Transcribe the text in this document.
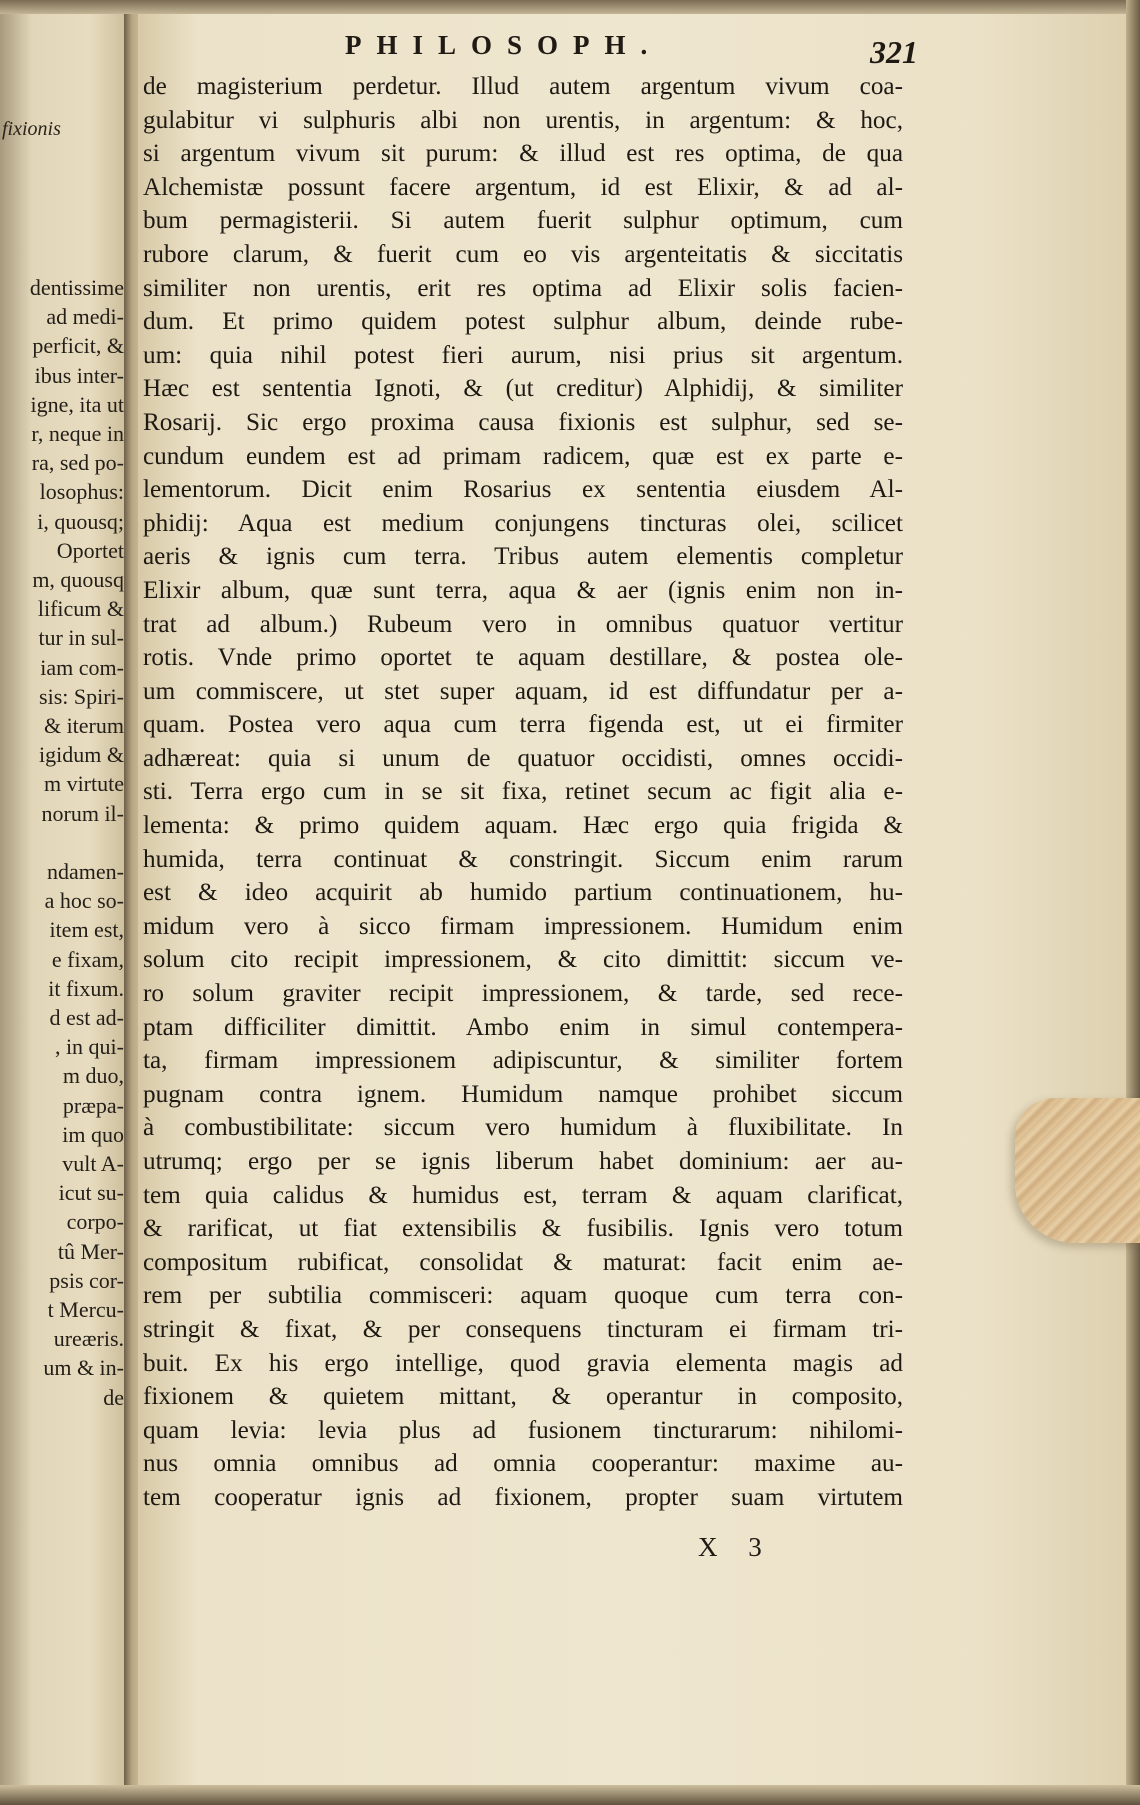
fixionis
dentissime
ad medi-
perficit, &
ibus inter-
igne, ita ut
r, neque in
ra, sed po-
losophus:
i, quousq;
Oportet
m, quousq
lificum &
tur in sul-
iam com-
sis: Spiri-
& iterum
igidum &
m virtute
norum il-
ndamen-
a hoc so-
item est,
e fixam,
it fixum.
d est ad-
, in qui-
m duo,
præpa-
im quo
vult A-
icut su-
corpo-
tû Mer-
psis cor-
t Mercu-
ureæris.
um & in-
de
PHILOSOPH.	321
de magisterium perdetur. Illud autem argentum vivum coa-
gulabitur vi sulphuris albi non urentis, in argentum: & hoc,
si argentum vivum sit purum: & illud est res optima, de qua
Alchemistæ possunt facere argentum, id est Elixir, & ad al-
bum permagisterii. Si autem fuerit sulphur optimum, cum
rubore clarum, & fuerit cum eo vis argenteitatis & siccitatis
similiter non urentis, erit res optima ad Elixir solis facien-
dum. Et primo quidem potest sulphur album, deinde rube-
um: quia nihil potest fieri aurum, nisi prius sit argentum.
Hæc est sententia Ignoti, & (ut creditur) Alphidij, & similiter
Rosarij. Sic ergo proxima causa fixionis est sulphur, sed se-
cundum eundem est ad primam radicem, quæ est ex parte e-
lementorum. Dicit enim Rosarius ex sententia eiusdem Al-
phidij: Aqua est medium conjungens tincturas olei, scilicet
aeris & ignis cum terra. Tribus autem elementis completur
Elixir album, quæ sunt terra, aqua & aer (ignis enim non in-
trat ad album.) Rubeum vero in omnibus quatuor vertitur
rotis. Vnde primo oportet te aquam destillare, & postea ole-
um commiscere, ut stet super aquam, id est diffundatur per a-
quam. Postea vero aqua cum terra figenda est, ut ei firmiter
adhæreat: quia si unum de quatuor occidisti, omnes occidi-
sti. Terra ergo cum in se sit fixa, retinet secum ac figit alia e-
lementa: & primo quidem aquam. Hæc ergo quia frigida &
humida, terra continuat & constringit. Siccum enim rarum
est & ideo acquirit ab humido partium continuationem, hu-
midum vero à sicco firmam impressionem. Humidum enim
solum cito recipit impressionem, & cito dimittit: siccum ve-
ro solum graviter recipit impressionem, & tarde, sed rece-
ptam difficiliter dimittit. Ambo enim in simul contempera-
ta, firmam impressionem adipiscuntur, & similiter fortem
pugnam contra ignem. Humidum namque prohibet siccum
à combustibilitate: siccum vero humidum à fluxibilitate. In
utrumq; ergo per se ignis liberum habet dominium: aer au-
tem quia calidus & humidus est, terram & aquam clarificat,
& rarificat, ut fiat extensibilis & fusibilis. Ignis vero totum
compositum rubificat, consolidat & maturat: facit enim ae-
rem per subtilia commisceri: aquam quoque cum terra con-
stringit & fixat, & per consequens tincturam ei firmam tri-
buit. Ex his ergo intellige, quod gravia elementa magis ad
fixionem & quietem mittant, & operantur in composito,
quam levia: levia plus ad fusionem tincturarum: nihilomi-
nus omnia omnibus ad omnia cooperantur: maxime au-
tem cooperatur ignis ad fixionem, propter suam virtutem
X 3
